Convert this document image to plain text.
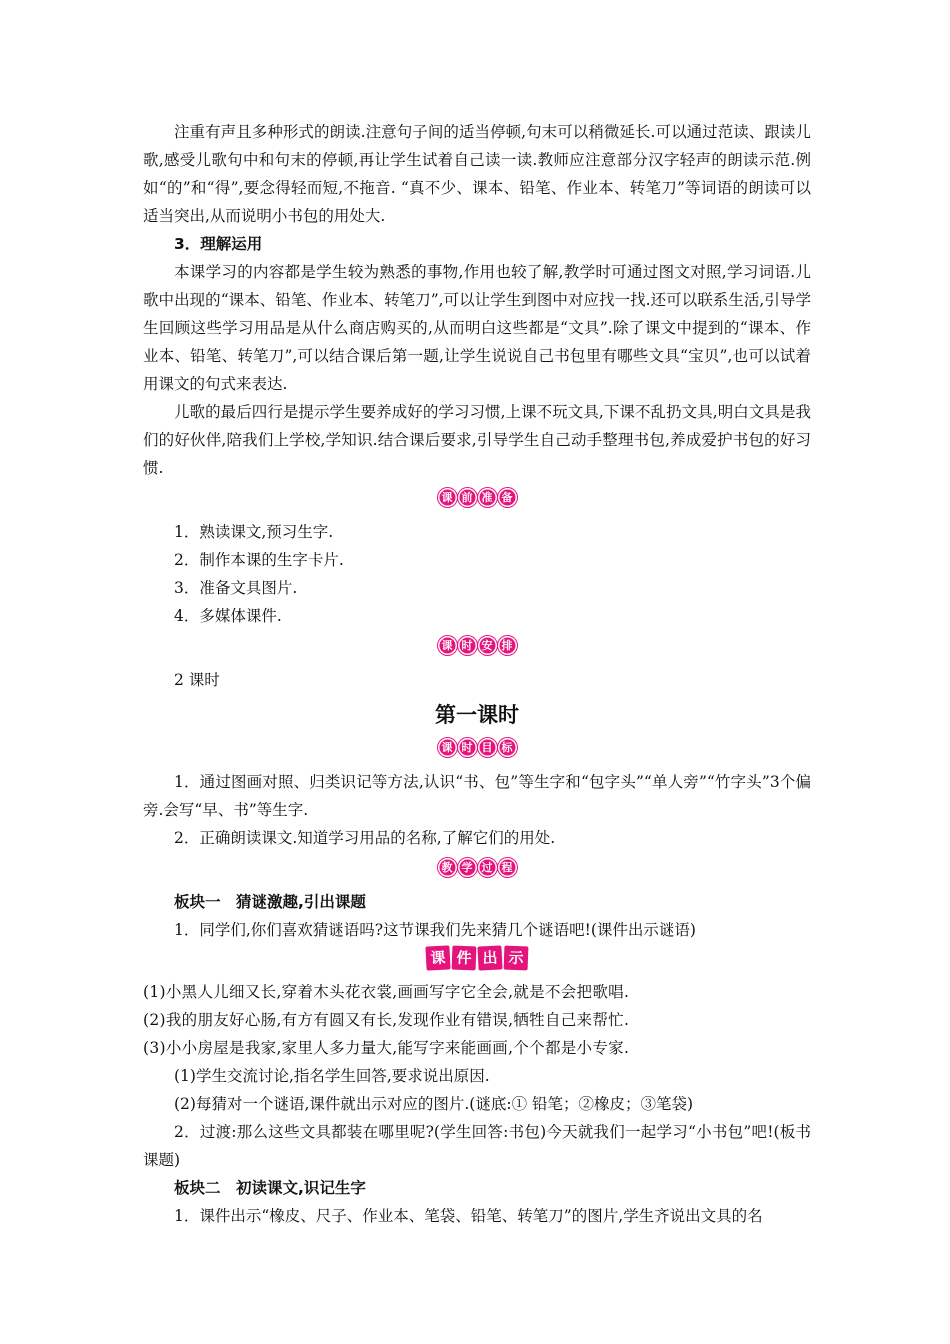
注重有声且多种形式的朗读.注意句子间的适当停顿,句末可以稍微延长.可以通过范读、跟读儿歌,感受儿歌句中和句末的停顿,再让学生试着自己读一读.教师应注意部分汉字轻声的朗读示范.例如“的”和“得”,要念得轻而短,不拖音. “真不少、课本、铅笔、作业本、转笔刀”等词语的朗读可以适当突出,从而说明小书包的用处大.

3．理解运用

本课学习的内容都是学生较为熟悉的事物,作用也较了解,教学时可通过图文对照,学习词语.儿歌中出现的“课本、铅笔、作业本、转笔刀”,可以让学生到图中对应找一找.还可以联系生活,引导学生回顾这些学习用品是从什么商店购买的,从而明白这些都是“文具”.除了课文中提到的“课本、作业本、铅笔、转笔刀”,可以结合课后第一题,让学生说说自己书包里有哪些文具“宝贝”,也可以试着用课文的句式来表达.

儿歌的最后四行是提示学生要养成好的学习习惯,上课不玩文具,下课不乱扔文具,明白文具是我们的好伙伴,陪我们上学校,学知识.结合课后要求,引导学生自己动手整理书包,养成爱护书包的好习惯.

课 前 准 备

1．熟读课文,预习生字.

2．制作本课的生字卡片.

3．准备文具图片.

4．多媒体课件.

课 时 安 排

2 课时

第一课时
课 时 目 标

1．通过图画对照、归类识记等方法,认识“书、包”等生字和“包字头”“单人旁”“竹字头”3个偏旁.会写“早、书”等生字.

2．正确朗读课文.知道学习用品的名称,了解它们的用处.

教 学 过 程

板块一　猜谜激趣,引出课题

1．同学们,你们喜欢猜谜语吗?这节课我们先来猜几个谜语吧!(课件出示谜语)

课 件 出 示

(1)小黑人儿细又长,穿着木头花衣裳,画画写字它全会,就是不会把歌唱.

(2)我的朋友好心肠,有方有圆又有长,发现作业有错误,牺牲自己来帮忙.

(3)小小房屋是我家,家里人多力量大,能写字来能画画,个个都是小专家.

(1)学生交流讨论,指名学生回答,要求说出原因.

(2)每猜对一个谜语,课件就出示对应的图片.(谜底:① 铅笔；②橡皮；③笔袋)

2．过渡:那么这些文具都装在哪里呢?(学生回答:书包)今天就我们一起学习“小书包”吧!(板书课题)

板块二　初读课文,识记生字

1．课件出示“橡皮、尺子、作业本、笔袋、铅笔、转笔刀”的图片,学生齐说出文具的名
